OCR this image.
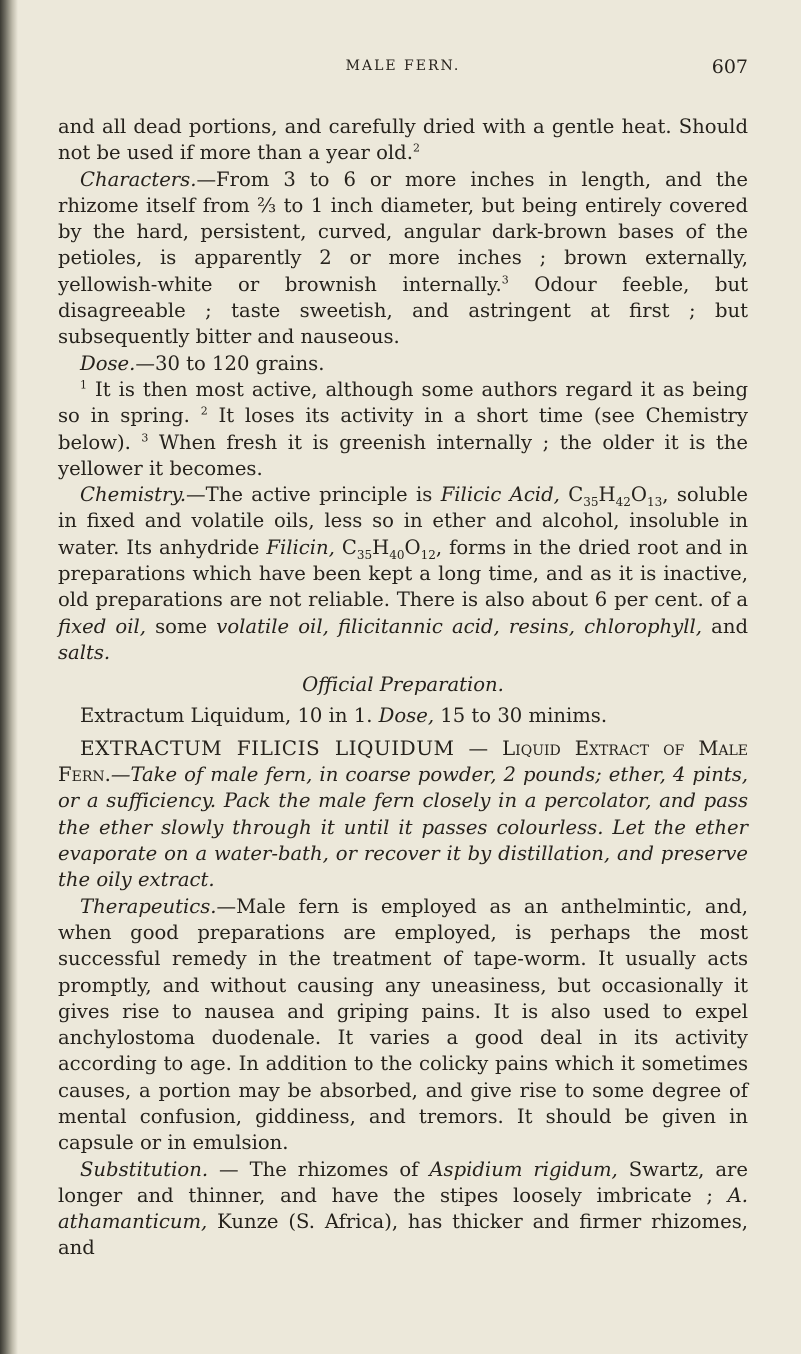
MALE FERN.	607

and all dead portions, and carefully dried with a gentle heat. Should not be used if more than a year old.$^2$

Characters.—From 3 to 6 or more inches in length, and the rhizome itself from ⅔ to 1 inch diameter, but being entirely covered by the hard, persistent, curved, angular dark-brown bases of the petioles, is apparently 2 or more inches ; brown externally, yellowish-white or brownish internally.$^3$ Odour feeble, but disagreeable ; taste sweetish, and astringent at first ; but subsequently bitter and nauseous.

Dose.—30 to 120 grains.

$^1$ It is then most active, although some authors regard it as being so in spring. $^2$ It loses its activity in a short time (see Chemistry below). $^3$ When fresh it is greenish internally ; the older it is the yellower it becomes.

Chemistry.—The active principle is Filicic Acid, $C_{35}H_{42}O_{13}$, soluble in fixed and volatile oils, less so in ether and alcohol, insoluble in water. Its anhydride Filicin, $C_{35}H_{40}O_{12}$, forms in the dried root and in preparations which have been kept a long time, and as it is inactive, old preparations are not reliable. There is also about 6 per cent. of a fixed oil, some volatile oil, filicitannic acid, resins, chlorophyll, and salts.

Official Preparation.

Extractum Liquidum, 10 in 1. Dose, 15 to 30 minims.

EXTRACTUM FILICIS LIQUIDUM — Liquid Extract of Male Fern.—Take of male fern, in coarse powder, 2 pounds; ether, 4 pints, or a sufficiency. Pack the male fern closely in a percolator, and pass the ether slowly through it until it passes colourless. Let the ether evaporate on a water-bath, or recover it by distillation, and preserve the oily extract.

Therapeutics.—Male fern is employed as an anthelmintic, and, when good preparations are employed, is perhaps the most successful remedy in the treatment of tape-worm. It usually acts promptly, and without causing any uneasiness, but occasionally it gives rise to nausea and griping pains. It is also used to expel anchylostoma duodenale. It varies a good deal in its activity according to age. In addition to the colicky pains which it sometimes causes, a portion may be absorbed, and give rise to some degree of mental confusion, giddiness, and tremors. It should be given in capsule or in emulsion.

Substitution. — The rhizomes of Aspidium rigidum, Swartz, are longer and thinner, and have the stipes loosely imbricate ; A. athamanticum, Kunze (S. Africa), has thicker and firmer rhizomes, and
